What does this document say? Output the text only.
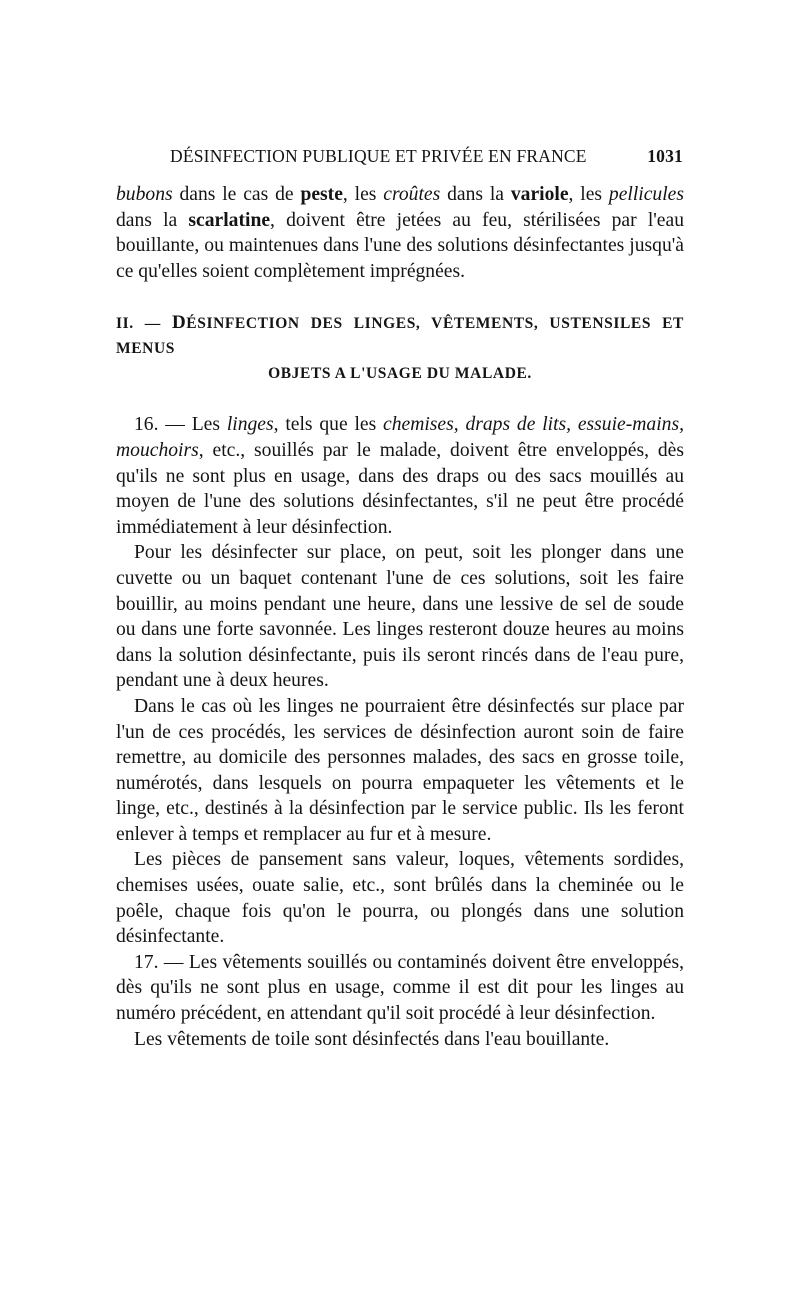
DÉSINFECTION PUBLIQUE ET PRIVÉE EN FRANCE	1031

bubons dans le cas de peste, les croûtes dans la variole, les pellicules dans la scarlatine, doivent être jetées au feu, stérilisées par l'eau bouillante, ou maintenues dans l'une des solutions désinfectantes jusqu'à ce qu'elles soient complètement imprégnées.

II. — DÉSINFECTION DES LINGES, VÊTEMENTS, USTENSILES ET MENUS
OBJETS A L'USAGE DU MALADE.

16. — Les linges, tels que les chemises, draps de lits, essuie-mains, mouchoirs, etc., souillés par le malade, doivent être enveloppés, dès qu'ils ne sont plus en usage, dans des draps ou des sacs mouillés au moyen de l'une des solutions désinfectantes, s'il ne peut être procédé immédiatement à leur désinfection.

Pour les désinfecter sur place, on peut, soit les plonger dans une cuvette ou un baquet contenant l'une de ces solutions, soit les faire bouillir, au moins pendant une heure, dans une lessive de sel de soude ou dans une forte savonnée. Les linges resteront douze heures au moins dans la solution désinfectante, puis ils seront rincés dans de l'eau pure, pendant une à deux heures.

Dans le cas où les linges ne pourraient être désinfectés sur place par l'un de ces procédés, les services de désinfection auront soin de faire remettre, au domicile des personnes malades, des sacs en grosse toile, numérotés, dans lesquels on pourra empaqueter les vêtements et le linge, etc., destinés à la désinfection par le service public. Ils les feront enlever à temps et remplacer au fur et à mesure.

Les pièces de pansement sans valeur, loques, vêtements sordides, chemises usées, ouate salie, etc., sont brûlés dans la cheminée ou le poêle, chaque fois qu'on le pourra, ou plongés dans une solution désinfectante.

17. — Les vêtements souillés ou contaminés doivent être enveloppés, dès qu'ils ne sont plus en usage, comme il est dit pour les linges au numéro précédent, en attendant qu'il soit procédé à leur désinfection.

Les vêtements de toile sont désinfectés dans l'eau bouillante.
